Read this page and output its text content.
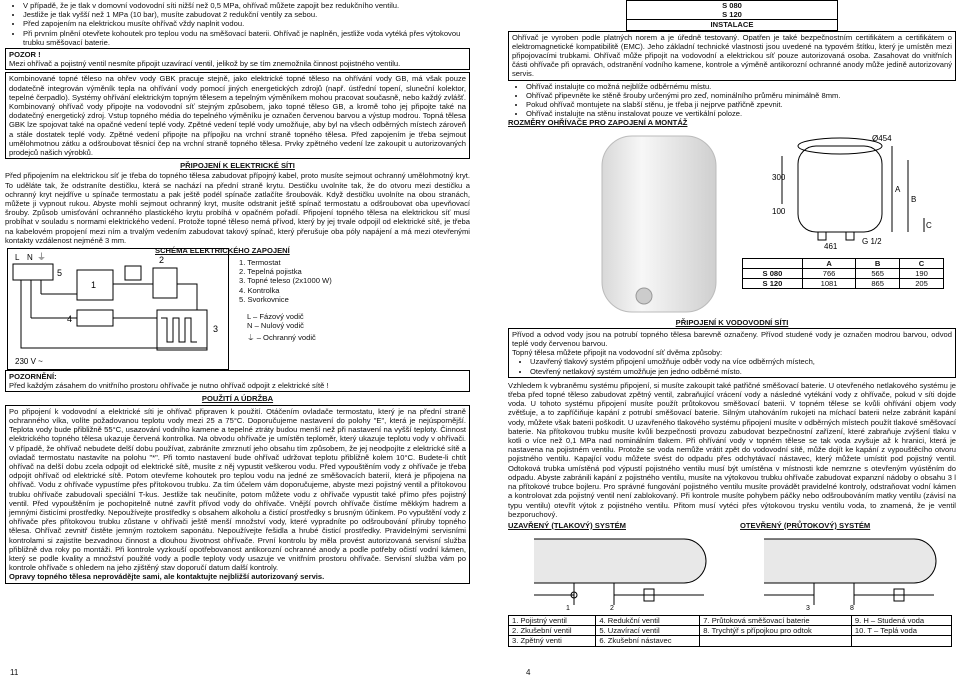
• V případě, že je tlak v domovní vodovodní síti nižší než 0,5 MPa, ohřívač můžete zapojit bez redukčního ventilu.
• Jestliže je tlak vyšší než 1 MPa (10 bar), musíte zabudovat 2 redukční ventily za sebou.
• Před zapojením na elektrickou musíte ohřívač vždy naplnit vodou.
• Při prvním plnění otevřete kohoutek pro teplou vodu na směšovací baterii. Ohřívač je naplněn, jestliže voda vytéká přes výtokovou trubku směšovací baterie.
POZOR !
Mezi ohřívač a pojistný ventil nesmíte připojit uzavírací ventil, jelikož by se tím znemožnila činnost pojistného ventilu.

Kombinované topné těleso na ohřev vody GBK pracuje stejně, jako elektrické topné těleso na ohřívání vody GB, má však pouze dodatečně integrován výměník tepla na ohřívání vody pomocí jiných energetických zdrojů (např. ústřední topení, sluneční kolektor, tepelné čerpadlo). Systémy ohřívání elektrickým topným tělesem a tepelným výměníkem mohou pracovat současně, nebo každý zvlášť. Kombinovaný ohřívač vody připojte na vodovodní síť stejným způsobem, jako topné těleso GB, a kromě toho jej připojte také na dodatečný energetický zdroj. Vstup topného média do tepelného výměníku je označen červenou barvou a výstup modrou. Topná tělesa GBK lze spojovat také na opačné vedení teplé vody. Zpětné vedení teplé vody umožňuje, aby byl na všech odběrných místech zároveň a stále dostatek teplé vody. Zpětné vedení připojte na přípojku na vrchní straně topného tělesa. Před zapojením je třeba sejmout umělohmotnou zátku a odšroubovat těsnicí čep na vrchní straně topného tělesa. Prvky zpětného vedení lze zakoupit u autorizovaných prodejců našich výrobků.

PŘIPOJENÍ K ELEKTRICKÉ SÍTI

Před připojením na elektrickou síť je třeba do topného tělesa zabudovat přípojný kabel, proto musíte sejmout ochranný umělohmotný kryt. To uděláte tak, že odstraníte destičku, která se nachází na přední straně krytu. Destičku uvolníte tak, že do otvoru mezi destičku a ochranný kryt nejdříve u spínače termostatu a pak ještě podél spínače zatlačíte šroubovák. Když destičku uvolníte na obou stranách, můžete ji vypnout rukou. Abyste mohli sejmout ochranný kryt, musíte odstranit ještě spínač termostatu a odšroubovat oba upevňovací šrouby. Způsob umisťování ochranného plastického krytu probíhá v opačném pořadí. Připojení topného tělesa na elektrickou síť musí probíhat v souladu s normami elektrického vedení. Protože topné těleso nemá přívod, který by jej trvale odpojil od elektrické sítě, je třeba na kabelovém propojení mezi ním a trvalým vedením zabudovat takový spínač, který přerušuje oba póly napájení a má mezi otevřenými kontakty vzdálenost nejméně 3 mm.

SCHÉMA ELEKTRICKÉHO ZAPOJENÍ
L N ⏚
5
1
4
2
3
230 V ~
1. Termostat
2. Tepelná pojistka
3. Topné teleso (2x1000 W)
4. Kontrolka
5. Svorkovnice
L – Fázový vodič
N – Nulový vodič
⏚ – Ochranný vodič
POZORNĚNÍ:
Před každým zásahem do vnitřního prostoru ohřívače je nutno ohřívač odpojit z elektrické sítě !
POUŽITÍ A ÚDRŽBA

Po připojení k vodovodní a elektrické síti je ohřívač připraven k použití. Otáčením ovladače termostatu, který je na přední straně ochranného víka, volíte požadovanou teplotu vody mezi 25 a 75°C. Doporučujeme nastavení do polohy "E", která je nejúspornější. Teplota vody bude přibližně 55°C, usazování vodního kamene a tepelné ztráty budou menší než při nastavení na vyšší teploty. Činnost elektrického topného tělesa ukazuje červená kontrolka. Na obvodu ohřívače je umístěn teploměr, který ukazuje teplotu vody v ohřívači. V případě, že ohřívač nebudete delší dobu používat, zabráníte zmrznutí jeho obsahu tím způsobem, že jej neodpojíte z elektrické sítě a ovladač termostatu nastavíte na polohu "*". Při tomto nastavení bude ohřívač udržovat teplotu přibližně kolem 10°C. Budete-li chtít ohřívač na delší dobu zcela odpojit od elektrické sítě, musíte z něj vypustit veškerou vodu. Před vypouštěním vody z ohřívače je třeba odpojit ohřívač od elektrické sítě. Potom otevřeme kohoutek pro teplou vodu na jedné ze směšovacích baterií, která je připojena na ohřívač. Vodu z ohřívače vypustíme přes přítokovou trubku. Za tím účelem vám doporučujeme, abyste mezi pojistný ventil a přítokovou trubku ohřívače zabudovali speciální T-kus. Jestliže tak neučiníte, potom můžete vodu z ohřívače vypustit také přímo přes pojistný ventil. Před vypouštěním je pochopitelně nutné zavřít přívod vody do ohřívače. Vnější povrch ohřívače čistíme měkkým hadrem a jemnými čisticími prostředky. Nepoužívejte prostředky s obsahem alkoholu a čisticí prostředky s brusným účinkem. Po vypuštění vody z ohřívače přes přítokovou trubku zůstane v ohřívači ještě menší množství vody, které vypradníte po odšroubování příruby topného tělesa. Ohřívač zevnitř čistěte jemným roztokem saponátu. Nepoužívejte řešidla a hrubé čisticí prostředky. Pravidelnými servisními kontrolami si zajistíte bezvadnou činnost a dlouhou životnost ohřívače. První kontrolu by měla provést autorizovaná servisní služba přibližně dva roky po montáži. Při kontrole vyzkouší opotřebovanost antikorozní ochranné anody a podle potřeby očistí vodní kámen, který se podle kvality a množství použité vody a podle teploty vody usazuje ve vnitřním prostoru ohřívače. Servisní služba vám po kontrole ohřívače s ohledem na jeho zjištěný stav doporučí datum další kontroly.

Opravy topného tělesa neprovádějte sami, ale kontaktujte nejbližší autorizovaný servis.

S 080
S 120
INSTALACE

Ohřívač je vyroben podle platných norem a je úředně testovaný. Opatřen je také bezpečnostním certifikátem a certifikátem o elektromagnetické kompatibilitě (EMC). Jeho základní technické vlastnosti jsou uvedené na typovém štítku, který je umístěn mezi připojovacími trubkami. Ohřívač může připojit na vodovodní a elektrickou síť pouze autorizovaná osoba. Zasahovat do vnitřních části ohřívače při opravách, odstranění vodního kamene, kontrole a výměně antikorozní ochranné anody může jedině autorizovaný servis.

• Ohřívač instalujte co možná nejblíže odběrnému místu.
• Ohřívač připevněte ke stěně šrouby určenými pro zeď, nominálního průměru minimálně 8mm.
• Pokud ohřívač montujete na slabší stěnu, je třeba ji nejprve patřičně zpevnit.
• Ohřívač instalujte na stěnu instalovat pouze ve vertikální poloze.
ROZMĚRY OHŘÍVAČE PRO ZAPOJENÍ A MONTÁŽ
Ø454
A
B
C
300
100
461
G 1/2
	A	B	C
S 080	766	565	190
S 120	1081	865	205
PŘIPOJENÍ K VODOVODNÍ SÍTI

Přívod a odvod vody jsou na potrubí topného tělesa barevně označeny. Přívod studené vody je označen modrou barvou, odvod teplé vody červenou barvou.

Topný tělesa můžete připojit na vodovodní síť dvěma způsoby:

• Uzavřený tlakový systém připojení umožňuje odběr vody na více odběrných místech,
• Otevřený netlakový systém umožňuje jen jedno odběrné místo.

Vzhledem k vybraněmu systému připojení, si musíte zakoupit také patřičné směšovací baterie. U otevřeného netlakového systému je třeba před topné těleso zabudovat zpětný ventil, zabraňující vrácení vody a následné vytékání vody z ohřívače, pokud v síti dojde voda. U tohoto systému připojení musíte použít průtokovou směšovací baterii. V topném tělese se kvůli ohřívání objem vody zvětšuje, a to zapříčiňuje kapání z potrubí směšovací baterie. Silným utahováním rukojeti na míchací baterii nelze zabránit kapání vody, můžete však baterii poškodit. U uzavřeného tlakového systému připojení musíte v odběrných místech použít tlakové směšovací baterie. Na přítokovou trubku musíte kvůli bezpečnosti provozu zabudovat bezpečnostní zařízení, které zabraňuje zvýšení tlaku v kotli o více než 0,1 MPa nad nominálním tlakem. Při ohřívání vody v topném tělese se tak voda zvyšuje až k hranici, která je nastavena na pojistném ventilu. Protože se voda nemůže vrátit zpět do vodovodní sítě, může dojít ke kapání z vypouštěcího otvoru pojistného ventilu. Kapající vodu můžete svést do odpadu přes odchytávací nástavec, který můžete umístit pod pojistný ventil. Odtoková trubka umístěná pod výpustí pojistného ventilu musí být umístěna v místnosti kde nemrzne s otevřeným vyústěním do odpadu. Abyste zabránili kapání z pojistného ventilu, musíte na výtokovou trubku ohřívače zabudovat expanzní nádoby o obsahu 3 l na přítokové trubce bojleru. Pro správné fungování pojistného ventilu musíte provádět pravidelné kontroly, odstraňovat vodní kámen a kontrolovat zda pojistný ventil není zablokovaný. Při kontrole musíte pohybem páčky nebo odšroubováním matky ventilu (závisí na typu ventilu) otevřít výtok z pojistného ventilu. Přitom musí vytéci přes výtokovou trysku ventilu voda, to znamená, že je ventil bezporuchový.

UZAVŘENÝ (TLAKOVÝ) SYSTÉM	OTEVŘENÝ (PRŮTOKOVÝ) SYSTÉM
1	2	3	8
1. Pojistný ventil	4. Redukční ventil	7. Průtoková směšovací baterie	9. H – Studená voda
2. Zkušební ventil	5. Uzavírací ventil	8. Trychtýř s přípojkou pro odtok	10. T – Teplá voda
3. Zpětný venti	6. Zkušební nástavec		
11	4
